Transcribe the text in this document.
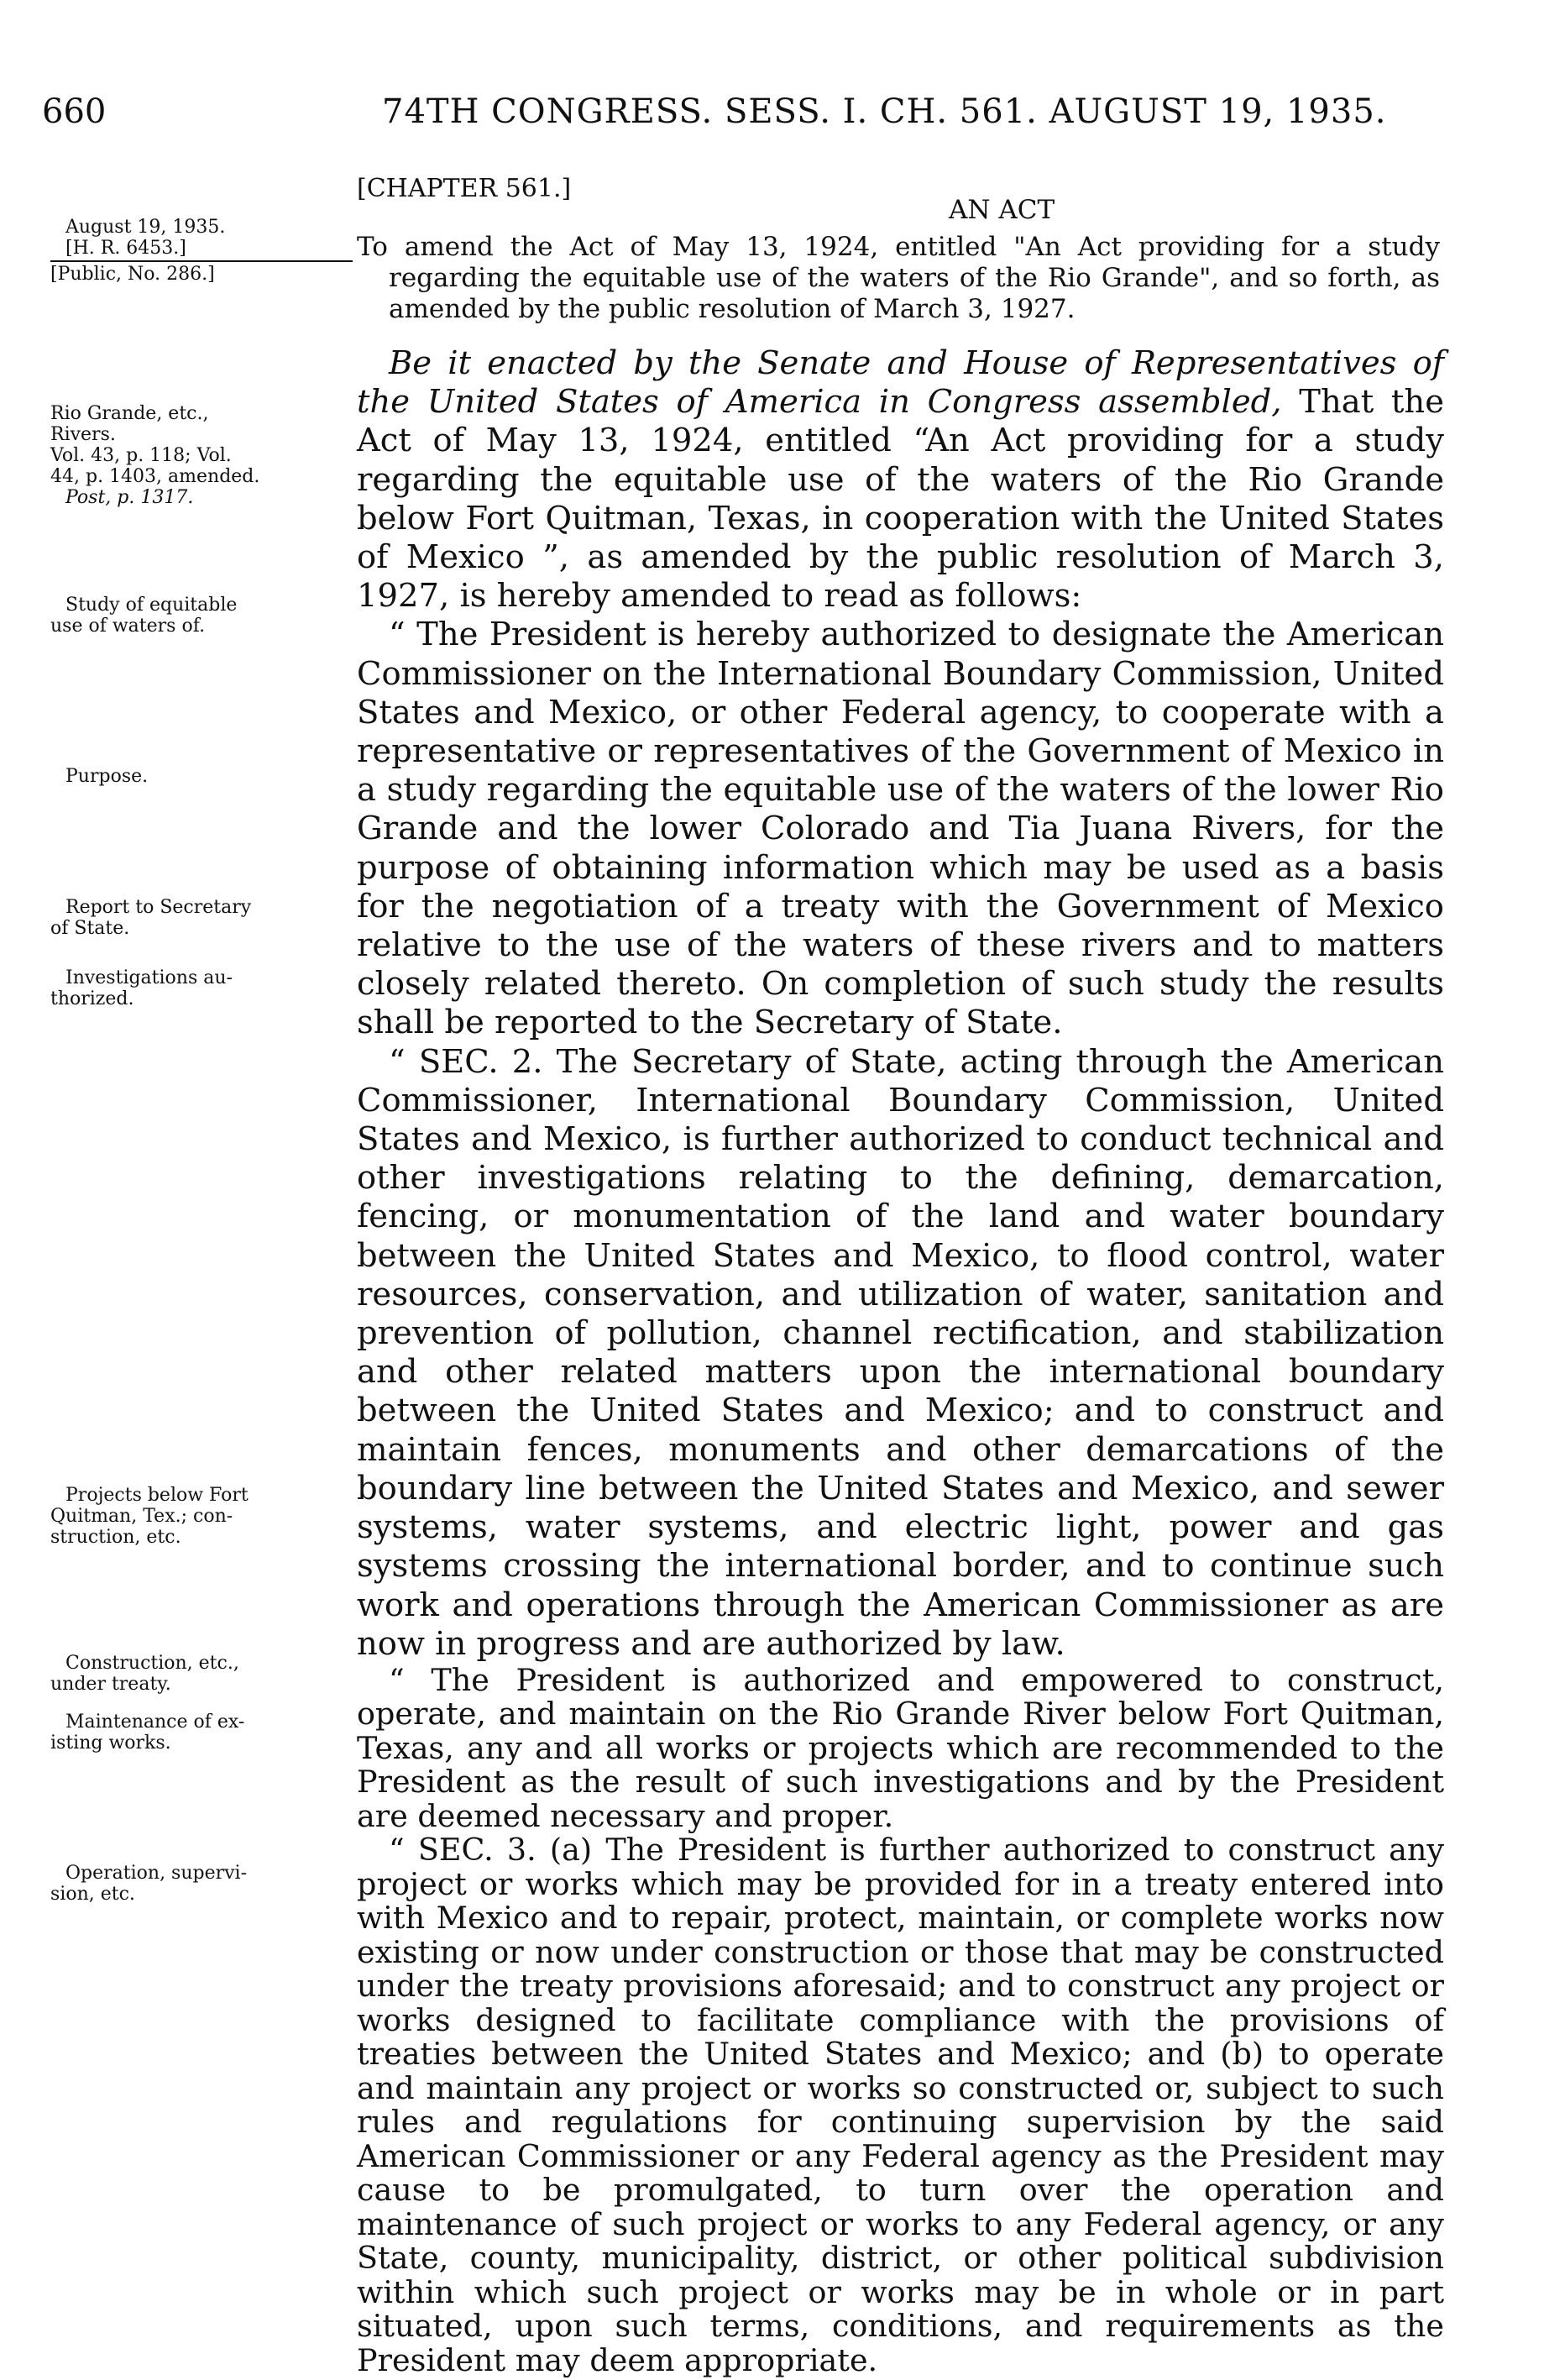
660	74TH CONGRESS. SESS. I. CH. 561. AUGUST 19, 1935.
[CHAPTER 561.]
AN ACT
August 19, 1935.
[H. R. 6453.]
[Public, No. 286.]
Rio Grande, etc.,
Rivers.
Vol. 43, p. 118; Vol.
44, p. 1403, amended.
Post, p. 1317.
Study of equitable
use of waters of.
Purpose.
Report to Secretary
of State.
Investigations au-
thorized.
Projects below Fort
Quitman, Tex.; con-
struction, etc.
Construction, etc.,
under treaty.
Maintenance of ex-
isting works.
Operation, supervi-
sion, etc.
To amend the Act of May 13, 1924, entitled "An Act providing for a study regarding the equitable use of the waters of the Rio Grande", and so forth, as amended by the public resolution of March 3, 1927.

Be it enacted by the Senate and House of Representatives of the United States of America in Congress assembled, That the Act of May 13, 1924, entitled “An Act providing for a study regarding the equitable use of the waters of the Rio Grande below Fort Quitman, Texas, in cooperation with the United States of Mexico ”, as amended by the public resolution of March 3, 1927, is hereby amended to read as follows:

“ The President is hereby authorized to designate the American Commissioner on the International Boundary Commission, United States and Mexico, or other Federal agency, to cooperate with a representative or representatives of the Government of Mexico in a study regarding the equitable use of the waters of the lower Rio Grande and the lower Colorado and Tia Juana Rivers, for the purpose of obtaining information which may be used as a basis for the negotiation of a treaty with the Government of Mexico relative to the use of the waters of these rivers and to matters closely related thereto. On completion of such study the results shall be reported to the Secretary of State.

“ SEC. 2. The Secretary of State, acting through the American Commissioner, International Boundary Commission, United States and Mexico, is further authorized to conduct technical and other investigations relating to the defining, demarcation, fencing, or monumentation of the land and water boundary between the United States and Mexico, to flood control, water resources, conservation, and utilization of water, sanitation and prevention of pollution, channel rectification, and stabilization and other related matters upon the international boundary between the United States and Mexico; and to construct and maintain fences, monuments and other demarcations of the boundary line between the United States and Mexico, and sewer systems, water systems, and electric light, power and gas systems crossing the international border, and to continue such work and operations through the American Commissioner as are now in progress and are authorized by law.

“ The President is authorized and empowered to construct, operate, and maintain on the Rio Grande River below Fort Quitman, Texas, any and all works or projects which are recommended to the President as the result of such investigations and by the President are deemed necessary and proper.

“ SEC. 3. (a) The President is further authorized to construct any project or works which may be provided for in a treaty entered into with Mexico and to repair, protect, maintain, or complete works now existing or now under construction or those that may be constructed under the treaty provisions aforesaid; and to construct any project or works designed to facilitate compliance with the provisions of treaties between the United States and Mexico; and (b) to operate and maintain any project or works so constructed or, subject to such rules and regulations for continuing supervision by the said American Commissioner or any Federal agency as the President may cause to be promulgated, to turn over the operation and maintenance of such project or works to any Federal agency, or any State, county, municipality, district, or other political subdivision within which such project or works may be in whole or in part situated, upon such terms, conditions, and requirements as the President may deem appropriate.
